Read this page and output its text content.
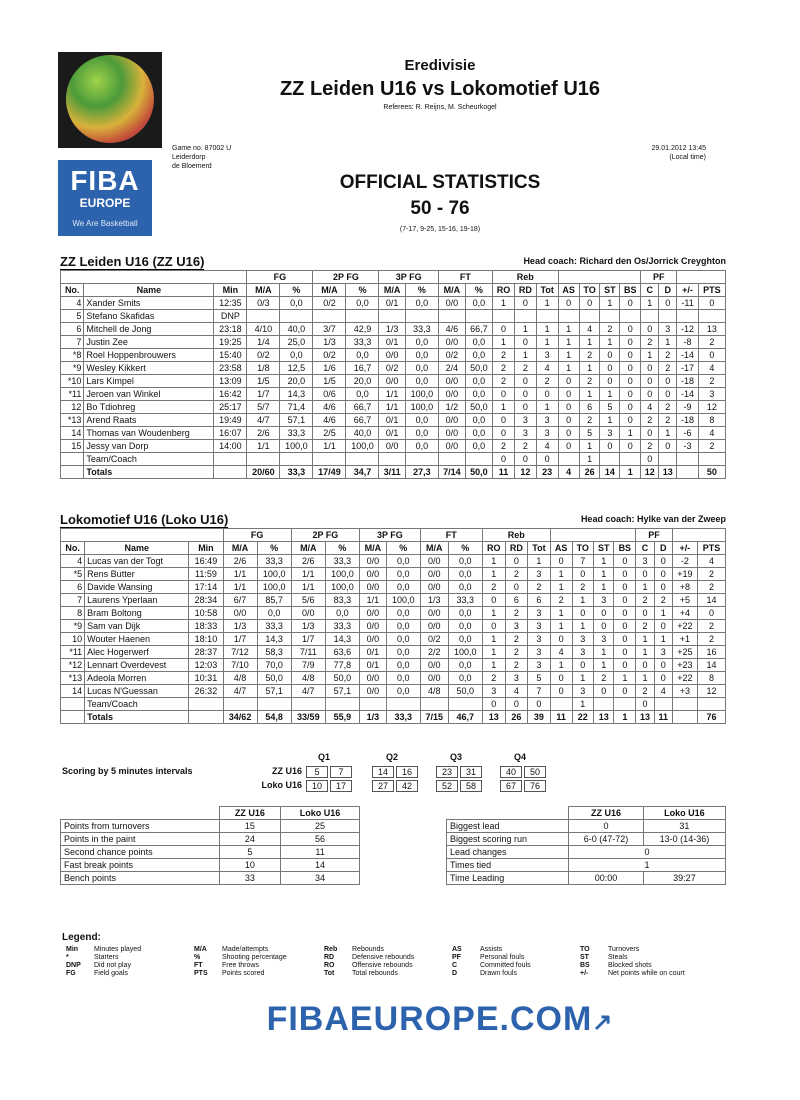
FIBA
EUROPE
We Are Basketball
Eredivisie
ZZ Leiden U16 vs Lokomotief U16
Referees: R. Reijns, M. Scheurkogel
Game no. 87002 U
Leiderdorp
de Bloemerd
29.01.2012 13:45
(Local time)
OFFICIAL STATISTICS
50 - 76
(7-17, 9-25, 15-16, 19-18)
ZZ Leiden U16 (ZZ U16)	Head coach: Richard den Os/Jorrick Creyghton
			FG		2P FG		3P FG		FT		Reb							PF			
No.	Name	Min	M/A	%	M/A	%	M/A	%	M/A	%	RO	RD	Tot	AS	TO	ST	BS	C	D	+/-	PTS
4	Xander Smits	12:35	0/3	0,0	0/2	0,0	0/1	0,0	0/0	0,0	1	0	1	0	0	1	0	1	0	-11	0
5	Stefano Skafidas	DNP																			
6	Mitchell de Jong	23:18	4/10	40,0	3/7	42,9	1/3	33,3	4/6	66,7	0	1	1	1	4	2	0	0	3	-12	13
7	Justin Zee	19:25	1/4	25,0	1/3	33,3	0/1	0,0	0/0	0,0	1	0	1	1	1	1	0	2	1	-8	2
*8	Roel Hoppenbrouwers	15:40	0/2	0,0	0/2	0,0	0/0	0,0	0/2	0,0	2	1	3	1	2	0	0	1	2	-14	0
*9	Wesley Kikkert	23:58	1/8	12,5	1/6	16,7	0/2	0,0	2/4	50,0	2	2	4	1	1	0	0	0	2	-17	4
*10	Lars Kimpel	13:09	1/5	20,0	1/5	20,0	0/0	0,0	0/0	0,0	2	0	2	0	2	0	0	0	0	-18	2
*11	Jeroen van Winkel	16:42	1/7	14,3	0/6	0,0	1/1	100,0	0/0	0,0	0	0	0	0	1	1	0	0	0	-14	3
12	Bo Tdiohreg	25:17	5/7	71,4	4/6	66,7	1/1	100,0	1/2	50,0	1	0	1	0	6	5	0	4	2	-9	12
*13	Arend Raats	19:49	4/7	57,1	4/6	66,7	0/1	0,0	0/0	0,0	0	3	3	0	2	1	0	2	2	-18	8
14	Thomas van Woudenberg	16:07	2/6	33,3	2/5	40,0	0/1	0,0	0/0	0,0	0	3	3	0	5	3	1	0	1	-6	4
15	Jessy van Dorp	14:00	1/1	100,0	1/1	100,0	0/0	0,0	0/0	0,0	2	2	4	0	1	0	0	2	0	-3	2
	Team/Coach										0	0	0		1			0			
	Totals		20/60	33,3	17/49	34,7	3/11	27,3	7/14	50,0	11	12	23	4	26	14	1	12	13		50
Lokomotief U16 (Loko U16)	Head coach: Hylke van der Zweep
			FG		2P FG		3P FG		FT		Reb							PF			
No.	Name	Min	M/A	%	M/A	%	M/A	%	M/A	%	RO	RD	Tot	AS	TO	ST	BS	C	D	+/-	PTS
4	Lucas van der Togt	16:49	2/6	33,3	2/6	33,3	0/0	0,0	0/0	0,0	1	0	1	0	7	1	0	3	0	-2	4
*5	Rens Butter	11:59	1/1	100,0	1/1	100,0	0/0	0,0	0/0	0,0	1	2	3	1	0	1	0	0	0	+19	2
6	Davide Wansing	17:14	1/1	100,0	1/1	100,0	0/0	0,0	0/0	0,0	2	0	2	1	2	1	0	1	0	+8	2
7	Laurens Yperlaan	28:34	6/7	85,7	5/6	83,3	1/1	100,0	1/3	33,3	0	6	6	2	1	3	0	2	2	+5	14
8	Bram Boltong	10:58	0/0	0,0	0/0	0,0	0/0	0,0	0/0	0,0	1	2	3	1	0	0	0	0	1	+4	0
*9	Sam van Dijk	18:33	1/3	33,3	1/3	33,3	0/0	0,0	0/0	0,0	0	3	3	1	1	0	0	2	0	+22	2
10	Wouter Haenen	18:10	1/7	14,3	1/7	14,3	0/0	0,0	0/2	0,0	1	2	3	0	3	3	0	1	1	+1	2
*11	Alec Hogerwerf	28:37	7/12	58,3	7/11	63,6	0/1	0,0	2/2	100,0	1	2	3	4	3	1	0	1	3	+25	16
*12	Lennart Overdevest	12:03	7/10	70,0	7/9	77,8	0/1	0,0	0/0	0,0	1	2	3	1	0	1	0	0	0	+23	14
*13	Adeola Morren	10:31	4/8	50,0	4/8	50,0	0/0	0,0	0/0	0,0	2	3	5	0	1	2	1	1	0	+22	8
14	Lucas N'Guessan	26:32	4/7	57,1	4/7	57,1	0/0	0,0	4/8	50,0	3	4	7	0	3	0	0	2	4	+3	12
	Team/Coach										0	0	0		1			0			
	Totals		34/62	54,8	33/59	55,9	1/3	33,3	7/15	46,7	13	26	39	11	22	13	1	13	11		76
Scoring by 5 minutes intervals
Q1	Q2	Q3	Q4
ZZ U16
Loko U16
5	7	14	16	23	31	40	50
10	17	27	42	52	58	67	76
	ZZ U16	Loko U16
Points from turnovers	15	25
Points in the paint	24	56
Second chance points	5	11
Fast break points	10	14
Bench points	33	34
	ZZ U16	Loko U16
Biggest lead	0	31
Biggest scoring run	6-0 (47-72)	13-0 (14-36)
Lead changes	0	
Times tied	1	
Time Leading	00:00	39:27
Legend:
Min Minutes played
*	Starters
DNP Did not play
FG	Field goals
M/A Made/attempts
%	Shooting percentage
FT	Free throws
PTS Points scored
Reb Rebounds
RD	Defensive rebounds
RO	Offensive rebounds
Tot	Total rebounds
AS	Assists
PF	Personal fouls
C	Committed fouls
D	Drawn fouls
TO	Turnovers
ST	Steals
BS	Blocked shots
+/-	Net points while on court
FIBAEUROPE.COM↗
